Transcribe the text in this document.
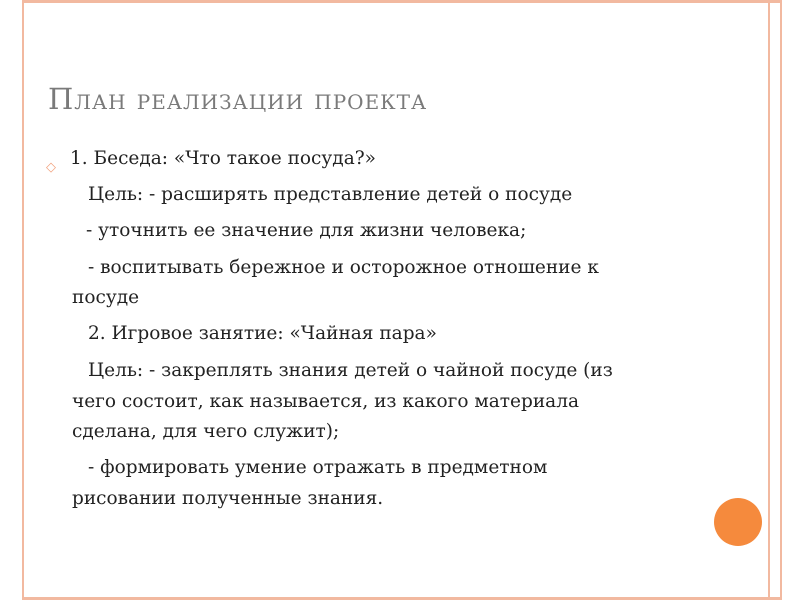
План реализации проекта
◇ 1. Беседа: «Что такое посуда?»
Цель: - расширять представление детей о посуде
- уточнить ее значение для жизни человека;
- воспитывать бережное и осторожное отношение к
посуде
2. Игровое занятие: «Чайная пара»
Цель: - закреплять знания детей о чайной посуде (из
чего состоит, как называется, из какого материала
сделана, для чего служит);
- формировать умение отражать в предметном
рисовании полученные знания.
